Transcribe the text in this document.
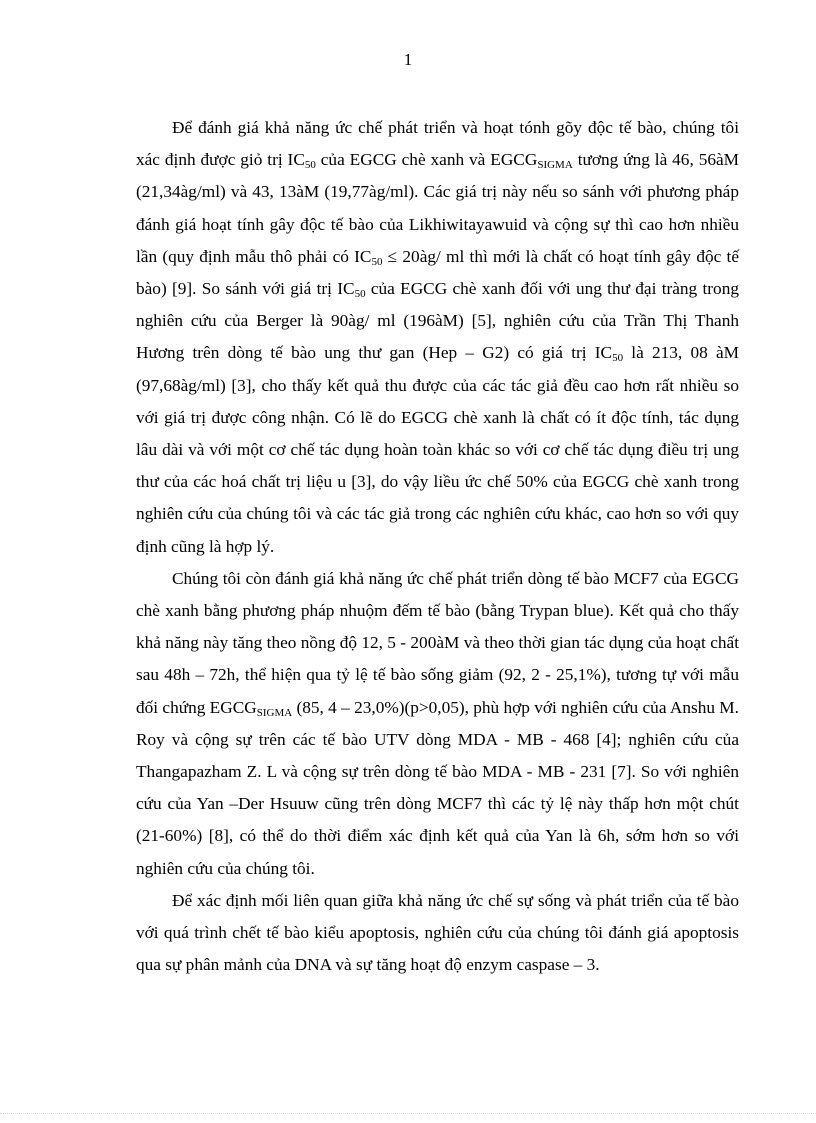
1

Để đánh giá khả năng ức chế phát triển và hoạt tónh gõy độc tế bào, chúng tôi xác định được giỏ trị $IC_{50}$ của EGCG chè xanh và $EGCG_{SIGMA}$ tương ứng là 46, 56àM (21,34àg/ml) và 43, 13àM (19,77àg/ml). Các giá trị này nếu so sánh với phương pháp đánh giá hoạt tính gây độc tế bào của Likhiwitayawuid và cộng sự thì cao hơn nhiều lần (quy định mẫu thô phải có $IC_{50}$ ≤ 20àg/ ml thì mới là chất có hoạt tính gây độc tế bào) [9]. So sánh với giá trị $IC_{50}$ của EGCG chè xanh đối với ung thư đại tràng trong nghiên cứu của Berger là 90àg/ ml (196àM) [5], nghiên cứu của Trần Thị Thanh Hương trên dòng tế bào ung thư gan (Hep – G2) có giá trị $IC_{50}$ là 213, 08 àM (97,68àg/ml) [3], cho thấy kết quả thu được của các tác giả đều cao hơn rất nhiều so với giá trị được công nhận. Có lẽ do EGCG chè xanh là chất có ít độc tính, tác dụng lâu dài và với một cơ chế tác dụng hoàn toàn khác so với cơ chế tác dụng điều trị ung thư của các hoá chất trị liệu u [3], do vậy liều ức chế 50% của EGCG chè xanh trong nghiên cứu của chúng tôi và các tác giả trong các nghiên cứu khác, cao hơn so với quy định cũng là hợp lý.

Chúng tôi còn đánh giá khả năng ức chế phát triển dòng tế bào MCF7 của EGCG chè xanh bằng phương pháp nhuộm đếm tế bào (bằng Trypan blue). Kết quả cho thấy khả năng này tăng theo nồng độ 12, 5 - 200àM và theo thời gian tác dụng của hoạt chất sau 48h – 72h, thể hiện qua tỷ lệ tế bào sống giảm (92, 2 - 25,1%), tương tự với mẫu đối chứng $EGCG_{SIGMA}$ (85, 4 – 23,0%)(p>0,05), phù hợp với nghiên cứu của Anshu M. Roy và cộng sự trên các tế bào UTV dòng MDA - MB - 468 [4]; nghiên cứu của Thangapazham Z. L và cộng sự trên dòng tế bào MDA - MB - 231 [7]. So với nghiên cứu của Yan –Der Hsuuw cũng trên dòng MCF7 thì các tỷ lệ này thấp hơn một chút (21-60%) [8], có thể do thời điểm xác định kết quả của Yan là 6h, sớm hơn so với nghiên cứu của chúng tôi.

Để xác định mối liên quan giữa khả năng ức chế sự sống và phát triển của tế bào với quá trình chết tế bào kiểu apoptosis, nghiên cứu của chúng tôi đánh giá apoptosis qua sự phân mảnh của DNA và sự tăng hoạt độ enzym caspase – 3.
